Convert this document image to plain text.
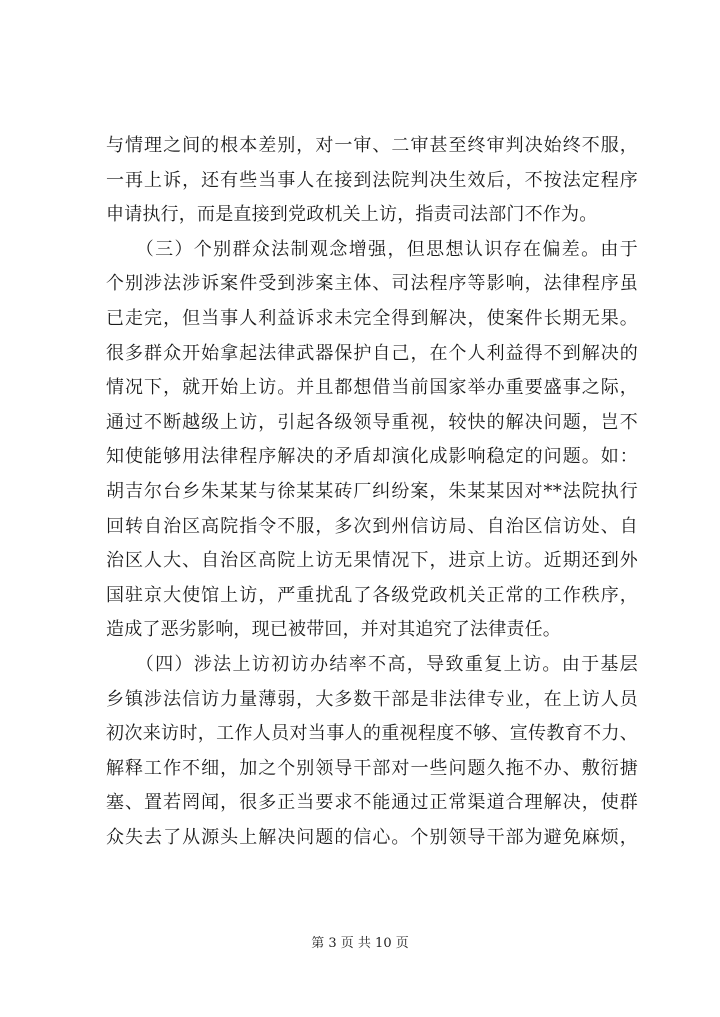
与情理之间的根本差别，对一审、二审甚至终审判决始终不服，
一再上诉，还有些当事人在接到法院判决生效后，不按法定程序
申请执行，而是直接到党政机关上访，指责司法部门不作为。
　　（三）个别群众法制观念增强，但思想认识存在偏差。由于
个别涉法涉诉案件受到涉案主体、司法程序等影响，法律程序虽
已走完，但当事人利益诉求未完全得到解决，使案件长期无果。
很多群众开始拿起法律武器保护自己，在个人利益得不到解决的
情况下，就开始上访。并且都想借当前国家举办重要盛事之际，
通过不断越级上访，引起各级领导重视，较快的解决问题，岂不
知使能够用法律程序解决的矛盾却演化成影响稳定的问题。如：
胡吉尔台乡朱某某与徐某某砖厂纠纷案，朱某某因对**法院执行
回转自治区高院指令不服，多次到州信访局、自治区信访处、自
治区人大、自治区高院上访无果情况下，进京上访。近期还到外
国驻京大使馆上访，严重扰乱了各级党政机关正常的工作秩序，
造成了恶劣影响，现已被带回，并对其追究了法律责任。
　　（四）涉法上访初访办结率不高，导致重复上访。由于基层
乡镇涉法信访力量薄弱，大多数干部是非法律专业，在上访人员
初次来访时，工作人员对当事人的重视程度不够、宣传教育不力、
解释工作不细，加之个别领导干部对一些问题久拖不办、敷衍搪
塞、置若罔闻，很多正当要求不能通过正常渠道合理解决，使群
众失去了从源头上解决问题的信心。个别领导干部为避免麻烦，
第 3 页 共 10 页
